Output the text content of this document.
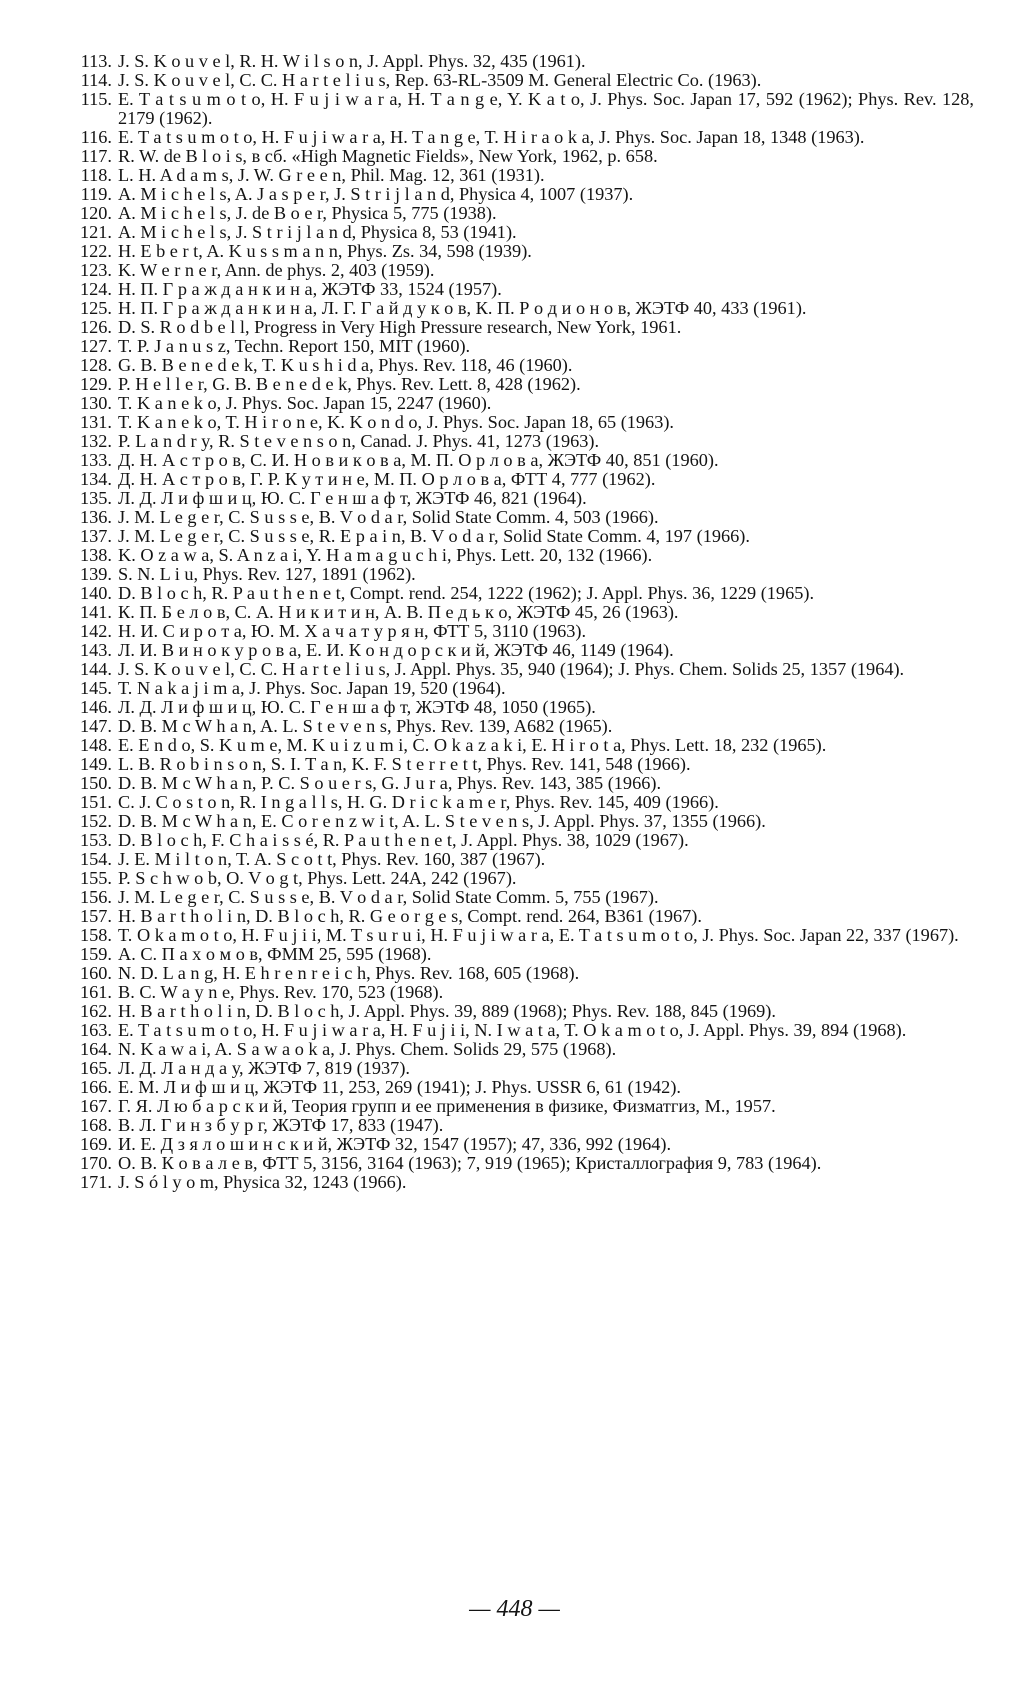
113. J. S. K o u v e l, R. H. W i l s o n, J. Appl. Phys. 32, 435 (1961).
114. J. S. K o u v e l, C. C. H a r t e l i u s, Rep. 63-RL-3509 M. General Electric Co. (1963).
115. E. T a t s u m o t o, H. F u j i w a r a, H. T a n g e, Y. K a t o, J. Phys. Soc. Japan 17, 592 (1962); Phys. Rev. 128, 2179 (1962).
116. E. T a t s u m o t o, H. F u j i w a r a, H. T a n g e, T. H i r a o k a, J. Phys. Soc. Japan 18, 1348 (1963).
117. R. W. de B l o i s, в сб. «High Magnetic Fields», New York, 1962, p. 658.
118. L. H. A d a m s, J. W. G r e e n, Phil. Mag. 12, 361 (1931).
119. A. M i c h e l s, A. J a s p e r, J. S t r i j l a n d, Physica 4, 1007 (1937).
120. A. M i c h e l s, J. de B o e r, Physica 5, 775 (1938).
121. A. M i c h e l s, J. S t r i j l a n d, Physica 8, 53 (1941).
122. H. E b e r t, A. K u s s m a n n, Phys. Zs. 34, 598 (1939).
123. K. W e r n e r, Ann. de phys. 2, 403 (1959).
124. Н. П. Г р а ж д а н к и н а, ЖЭТФ 33, 1524 (1957).
125. Н. П. Г р а ж д а н к и н а, Л. Г. Г а й д у к о в, К. П. Р о д и о н о в, ЖЭТФ 40, 433 (1961).
126. D. S. R o d b e l l, Progress in Very High Pressure research, New York, 1961.
127. T. P. J a n u s z, Techn. Report 150, MIT (1960).
128. G. B. B e n e d e k, T. K u s h i d a, Phys. Rev. 118, 46 (1960).
129. P. H e l l e r, G. B. B e n e d e k, Phys. Rev. Lett. 8, 428 (1962).
130. T. K a n e k o, J. Phys. Soc. Japan 15, 2247 (1960).
131. T. K a n e k o, T. H i r o n e, K. K o n d o, J. Phys. Soc. Japan 18, 65 (1963).
132. P. L a n d r y, R. S t e v e n s o n, Canad. J. Phys. 41, 1273 (1963).
133. Д. Н. А с т р о в, С. И. Н о в и к о в а, М. П. О р л о в а, ЖЭТФ 40, 851 (1960).
134. Д. Н. А с т р о в, Г. Р. К у т и н е, М. П. О р л о в а, ФТТ 4, 777 (1962).
135. Л. Д. Л и ф ш и ц, Ю. С. Г е н ш а ф т, ЖЭТФ 46, 821 (1964).
136. J. M. L e g e r, C. S u s s e, B. V o d a r, Solid State Comm. 4, 503 (1966).
137. J. M. L e g e r, C. S u s s e, R. E p a i n, B. V o d a r, Solid State Comm. 4, 197 (1966).
138. K. O z a w a, S. A n z a i, Y. H a m a g u c h i, Phys. Lett. 20, 132 (1966).
139. S. N. L i u, Phys. Rev. 127, 1891 (1962).
140. D. B l o c h, R. P a u t h e n e t, Compt. rend. 254, 1222 (1962); J. Appl. Phys. 36, 1229 (1965).
141. К. П. Б е л о в, С. А. Н и к и т и н, А. В. П е д ь к о, ЖЭТФ 45, 26 (1963).
142. Н. И. С и р о т а, Ю. М. Х а ч а т у р я н, ФТТ 5, 3110 (1963).
143. Л. И. В и н о к у р о в а, Е. И. К о н д о р с к и й, ЖЭТФ 46, 1149 (1964).
144. J. S. K o u v e l, C. C. H a r t e l i u s, J. Appl. Phys. 35, 940 (1964); J. Phys. Chem. Solids 25, 1357 (1964).
145. T. N a k a j i m a, J. Phys. Soc. Japan 19, 520 (1964).
146. Л. Д. Л и ф ш и ц, Ю. С. Г е н ш а ф т, ЖЭТФ 48, 1050 (1965).
147. D. B. M c W h a n, A. L. S t e v e n s, Phys. Rev. 139, A682 (1965).
148. E. E n d o, S. K u m e, M. K u i z u m i, C. O k a z a k i, E. H i r o t a, Phys. Lett. 18, 232 (1965).
149. L. B. R o b i n s o n, S. I. T a n, K. F. S t e r r e t t, Phys. Rev. 141, 548 (1966).
150. D. B. M c W h a n, P. C. S o u e r s, G. J u r a, Phys. Rev. 143, 385 (1966).
151. C. J. C o s t o n, R. I n g a l l s, H. G. D r i c k a m e r, Phys. Rev. 145, 409 (1966).
152. D. B. M c W h a n, E. C o r e n z w i t, A. L. S t e v e n s, J. Appl. Phys. 37, 1355 (1966).
153. D. B l o c h, F. C h a i s s é, R. P a u t h e n e t, J. Appl. Phys. 38, 1029 (1967).
154. J. E. M i l t o n, T. A. S c o t t, Phys. Rev. 160, 387 (1967).
155. P. S c h w o b, O. V o g t, Phys. Lett. 24A, 242 (1967).
156. J. M. L e g e r, C. S u s s e, B. V o d a r, Solid State Comm. 5, 755 (1967).
157. H. B a r t h o l i n, D. B l o c h, R. G e o r g e s, Compt. rend. 264, B361 (1967).
158. T. O k a m o t o, H. F u j i i, M. T s u r u i, H. F u j i w a r a, E. T a t s u m o t o, J. Phys. Soc. Japan 22, 337 (1967).
159. А. С. П а х о м о в, ФММ 25, 595 (1968).
160. N. D. L a n g, H. E h r e n r e i c h, Phys. Rev. 168, 605 (1968).
161. B. C. W a y n e, Phys. Rev. 170, 523 (1968).
162. H. B a r t h o l i n, D. B l o c h, J. Appl. Phys. 39, 889 (1968); Phys. Rev. 188, 845 (1969).
163. E. T a t s u m o t o, H. F u j i w a r a, H. F u j i i, N. I w a t a, T. O k a m o t o, J. Appl. Phys. 39, 894 (1968).
164. N. K a w a i, A. S a w a o k a, J. Phys. Chem. Solids 29, 575 (1968).
165. Л. Д. Л а н д а у, ЖЭТФ 7, 819 (1937).
166. Е. М. Л и ф ш и ц, ЖЭТФ 11, 253, 269 (1941); J. Phys. USSR 6, 61 (1942).
167. Г. Я. Л ю б а р с к и й, Теория групп и ее применения в физике, Физматгиз, М., 1957.
168. В. Л. Г и н з б у р г, ЖЭТФ 17, 833 (1947).
169. И. Е. Д з я л о ш и н с к и й, ЖЭТФ 32, 1547 (1957); 47, 336, 992 (1964).
170. О. В. К о в а л е в, ФТТ 5, 3156, 3164 (1963); 7, 919 (1965); Кристаллография 9, 783 (1964).
171. J. S ó l y o m, Physica 32, 1243 (1966).
— 448 —
